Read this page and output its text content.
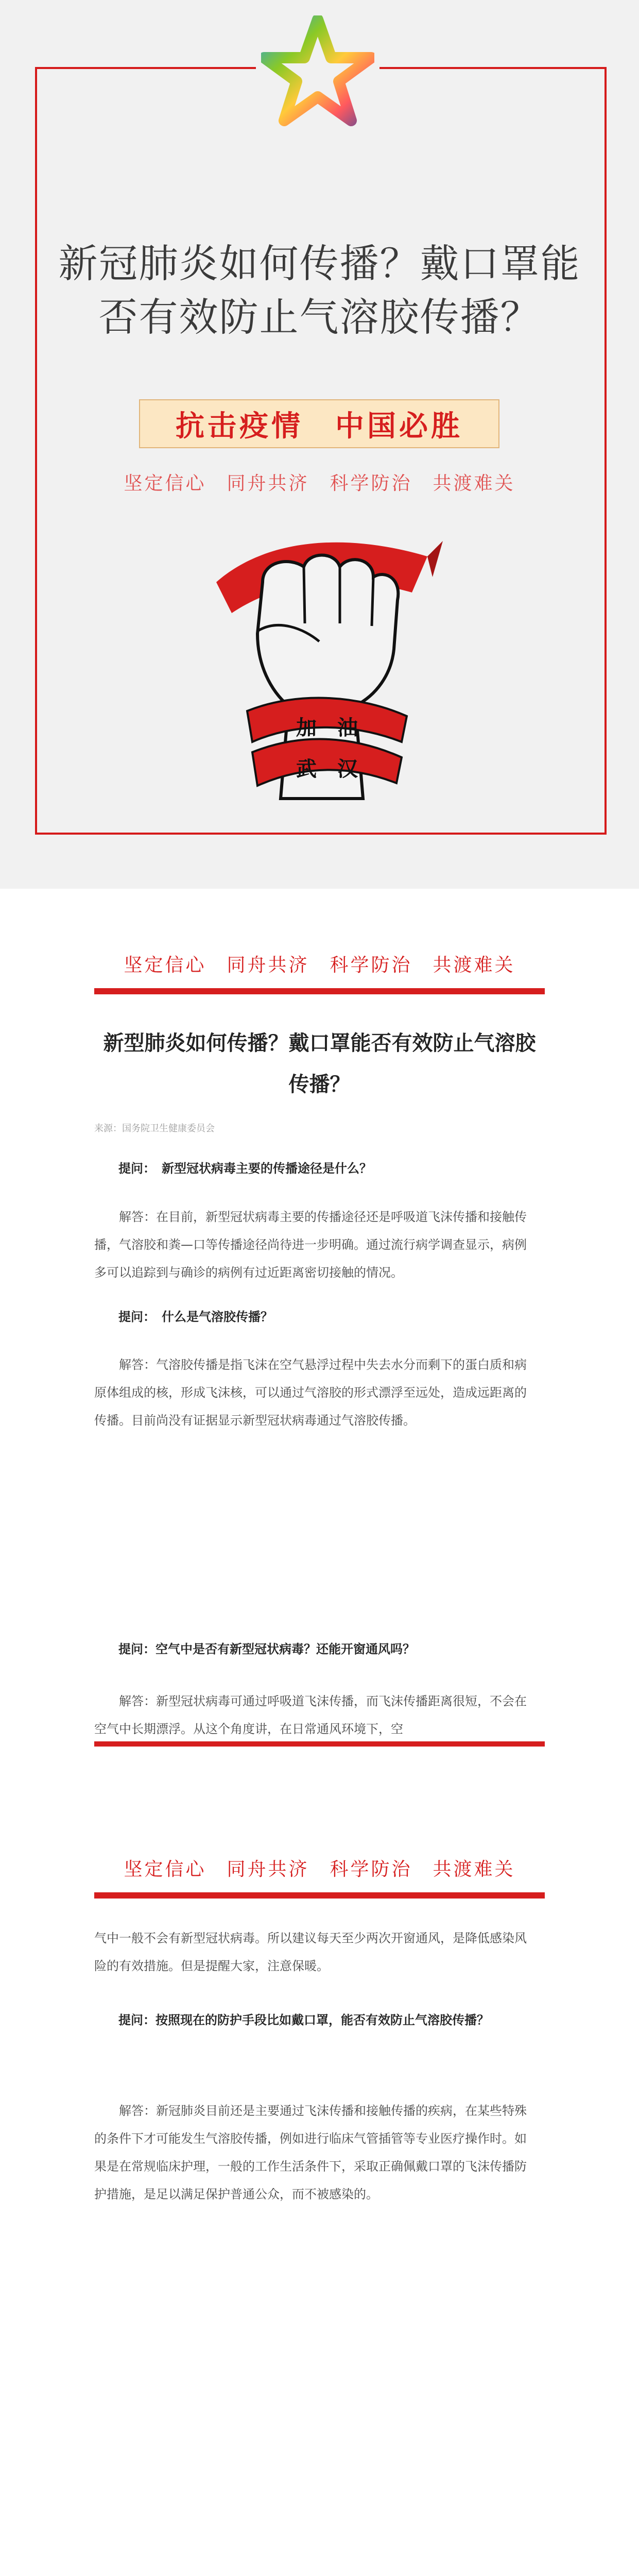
新冠肺炎如何传播？戴口罩能否有效防止气溶胶传播？
抗击疫情　中国必胜
坚定信心　同舟共济　科学防治　共渡难关
加　油
武　汉
坚定信心　同舟共济　科学防治　共渡难关
新型肺炎如何传播？戴口罩能否有效防止气溶胶传播？
来源：国务院卫生健康委员会
提问：　新型冠状病毒主要的传播途径是什么？

解答：在目前，新型冠状病毒主要的传播途径还是呼吸道飞沫传播和接触传播，气溶胶和粪—口等传播途径尚待进一步明确。通过流行病学调查显示，病例多可以追踪到与确诊的病例有过近距离密切接触的情况。

提问：　什么是气溶胶传播？

解答：气溶胶传播是指飞沫在空气悬浮过程中失去水分而剩下的蛋白质和病原体组成的核，形成飞沫核，可以通过气溶胶的形式漂浮至远处，造成远距离的传播。目前尚没有证据显示新型冠状病毒通过气溶胶传播。

提问：空气中是否有新型冠状病毒？还能开窗通风吗？

解答：新型冠状病毒可通过呼吸道飞沫传播，而飞沫传播距离很短，不会在空气中长期漂浮。从这个角度讲，在日常通风环境下，空

坚定信心　同舟共济　科学防治　共渡难关

气中一般不会有新型冠状病毒。所以建议每天至少两次开窗通风，是降低感染风险的有效措施。但是提醒大家，注意保暖。

提问：按照现在的防护手段比如戴口罩，能否有效防止气溶胶传播？

解答：新冠肺炎目前还是主要通过飞沫传播和接触传播的疾病，在某些特殊的条件下才可能发生气溶胶传播，例如进行临床气管插管等专业医疗操作时。如果是在常规临床护理，一般的工作生活条件下，采取正确佩戴口罩的飞沫传播防护措施，是足以满足保护普通公众，而不被感染的。
